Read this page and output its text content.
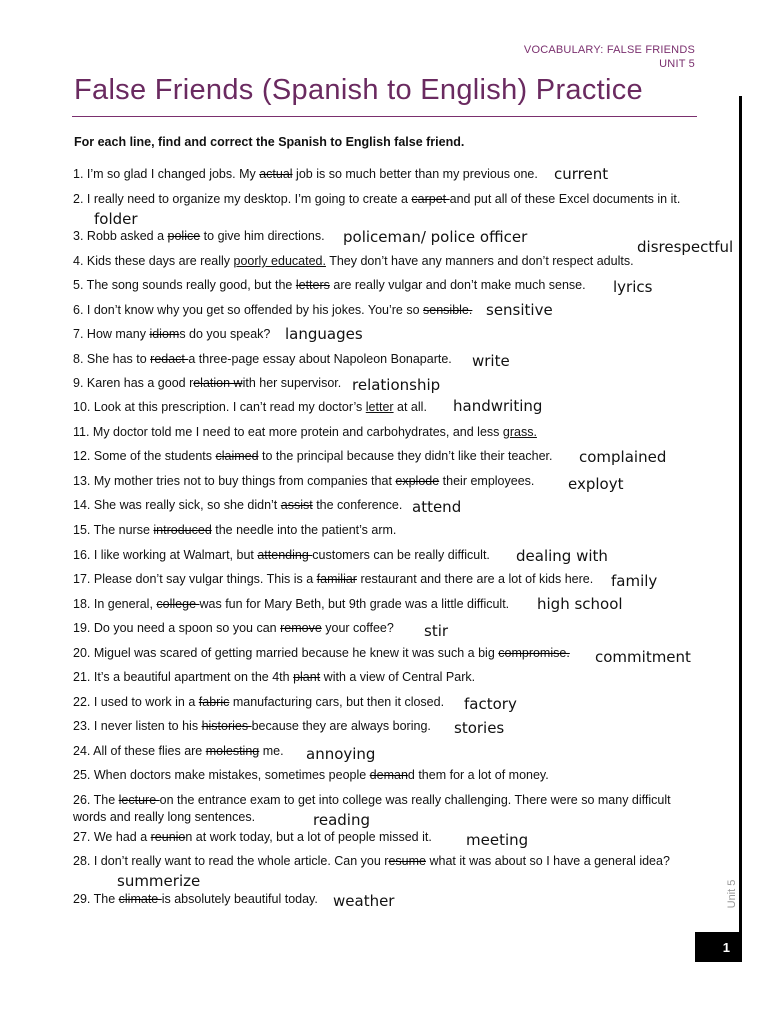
VOCABULARY: FALSE FRIENDS
UNIT 5
False Friends (Spanish to English) Practice
For each line, find and correct the Spanish to English false friend.
1. I’m so glad I changed jobs. My actual job is so much better than my previous one.
2. I really need to organize my desktop. I’m going to create a carpet and put all of these Excel documents in it.
3. Robb asked a police to give him directions.
4. Kids these days are really poorly educated. They don’t have any manners and don’t respect adults.
5. The song sounds really good, but the letters are really vulgar and don’t make much sense.
6. I don’t know why you get so offended by his jokes. You’re so sensible.
7. How many idioms do you speak?
8. She has to redact a three-page essay about Napoleon Bonaparte.
9. Karen has a good relation with her supervisor.
10. Look at this prescription. I can’t read my doctor’s letter at all.
11. My doctor told me I need to eat more protein and carbohydrates, and less grass.
12. Some of the students claimed to the principal because they didn’t like their teacher.
13. My mother tries not to buy things from companies that explode their employees.
14. She was really sick, so she didn’t assist the conference.
15. The nurse introduced the needle into the patient’s arm.
16. I like working at Walmart, but attending customers can be really difficult.
17. Please don’t say vulgar things. This is a familiar restaurant and there are a lot of kids here.
18. In general, college was fun for Mary Beth, but 9th grade was a little difficult.
19. Do you need a spoon so you can remove your coffee?
20. Miguel was scared of getting married because he knew it was such a big compromise.
21. It’s a beautiful apartment on the 4th plant with a view of Central Park.
22. I used to work in a fabric manufacturing cars, but then it closed.
23. I never listen to his histories because they are always boring.
24. All of these flies are molesting me.
25. When doctors make mistakes, sometimes people demand them for a lot of money.
26. The lecture on the entrance exam to get into college was really challenging. There were so many difficult words and really long sentences.
27. We had a reunion at work today, but a lot of people missed it.
28. I don’t really want to read the whole article. Can you resume what it was about so I have a general idea?
29. The climate is absolutely beautiful today.
current
folder
policeman/ police officer
disrespectful
lyrics
sensitive
languages
write
relationship
handwriting
complained
exployt
attend
dealing with
family
high school
stir
commitment
factory
stories
annoying
reading
meeting
summerize
weather	Unit 5
1
